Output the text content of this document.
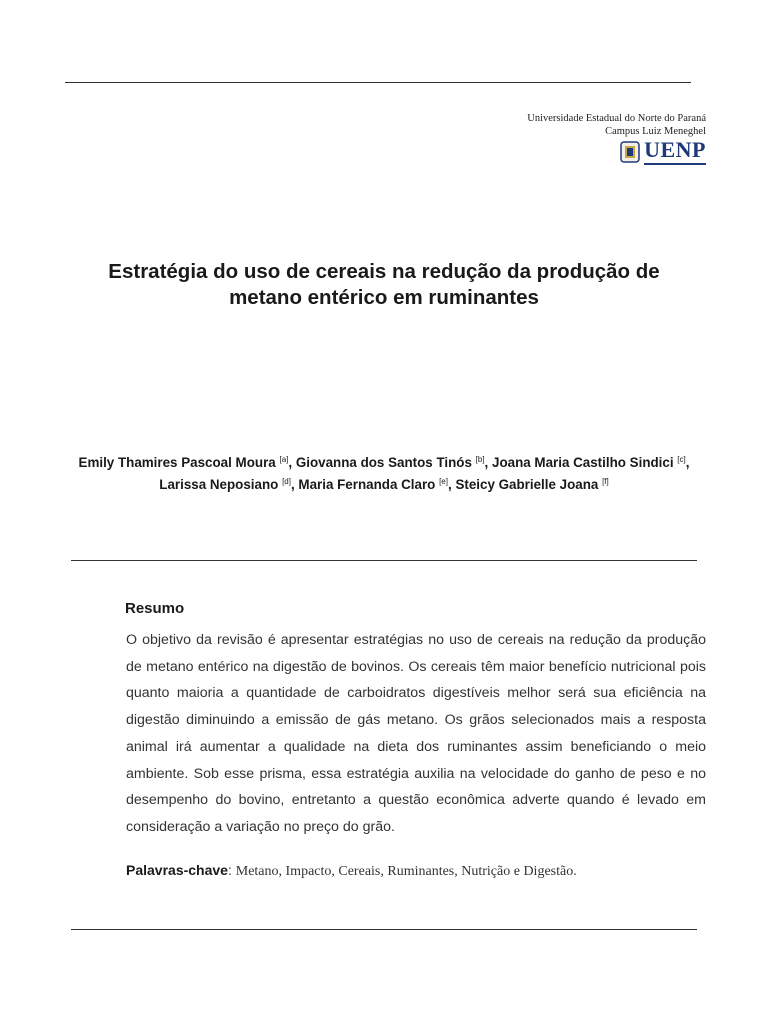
Universidade Estadual do Norte do Paraná
Campus Luiz Meneghel
UENP
Estratégia do uso de cereais na redução da produção de metano entérico em ruminantes
Emily Thamires Pascoal Moura [a], Giovanna dos Santos Tinós [b], Joana Maria Castilho Sindici [c], Larissa Neposiano [d], Maria Fernanda Claro [e], Steicy Gabrielle Joana [f]
Resumo
O objetivo da revisão é apresentar estratégias no uso de cereais na redução da produção de metano entérico na digestão de bovinos. Os cereais têm maior benefício nutricional pois quanto maioria a quantidade de carboidratos digestíveis melhor será sua eficiência na digestão diminuindo a emissão de gás metano. Os grãos selecionados mais a resposta animal irá aumentar a qualidade na dieta dos ruminantes assim beneficiando o meio ambiente. Sob esse prisma, essa estratégia auxilia na velocidade do ganho de peso e no desempenho do bovino, entretanto a questão econômica adverte quando é levado em consideração a variação no preço do grão.
Palavras-chave: Metano, Impacto, Cereais, Ruminantes, Nutrição e Digestão.
